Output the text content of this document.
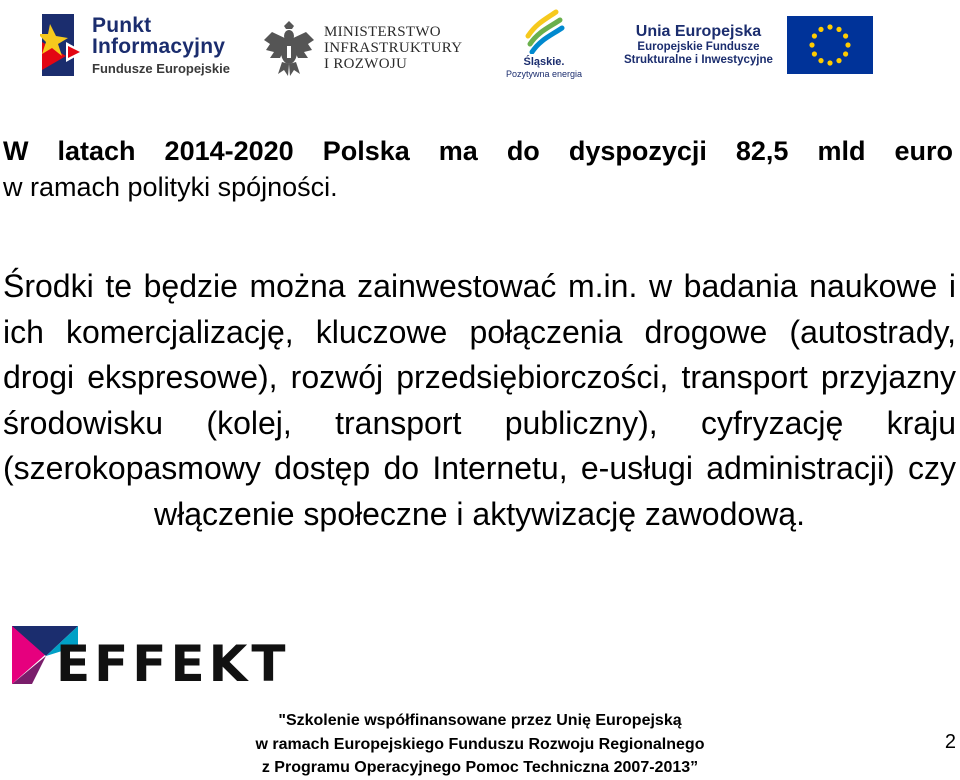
Punkt
Informacyjny
Fundusze Europejskie
MINISTERSTWO
INFRASTRUKTURY
I ROZWOJU	Śląskie.
Pozytywna energia
Unia Europejska
Europejskie Fundusze
Strukturalne i Inwestycyjne
W latach 2014-2020 Polska ma do dyspozycji 82,5 mld euro
w ramach polityki spójności.

Środki te będzie można zainwestować m.in. w badania naukowe i ich komercjalizację, kluczowe połączenia drogowe (autostrady, drogi ekspresowe), rozwój przedsiębiorczości, transport przyjazny środowisku (kolej, transport publiczny), cyfryzację kraju (szerokopasmowy dostęp do Internetu, e-usługi administracji) czy włączenie społeczne i aktywizację zawodową.

EFFEKT
"Szkolenie współfinansowane przez Unię Europejską
w ramach Europejskiego Funduszu Rozwoju Regionalnego
z Programu Operacyjnego Pomoc Techniczna 2007-2013”
2
